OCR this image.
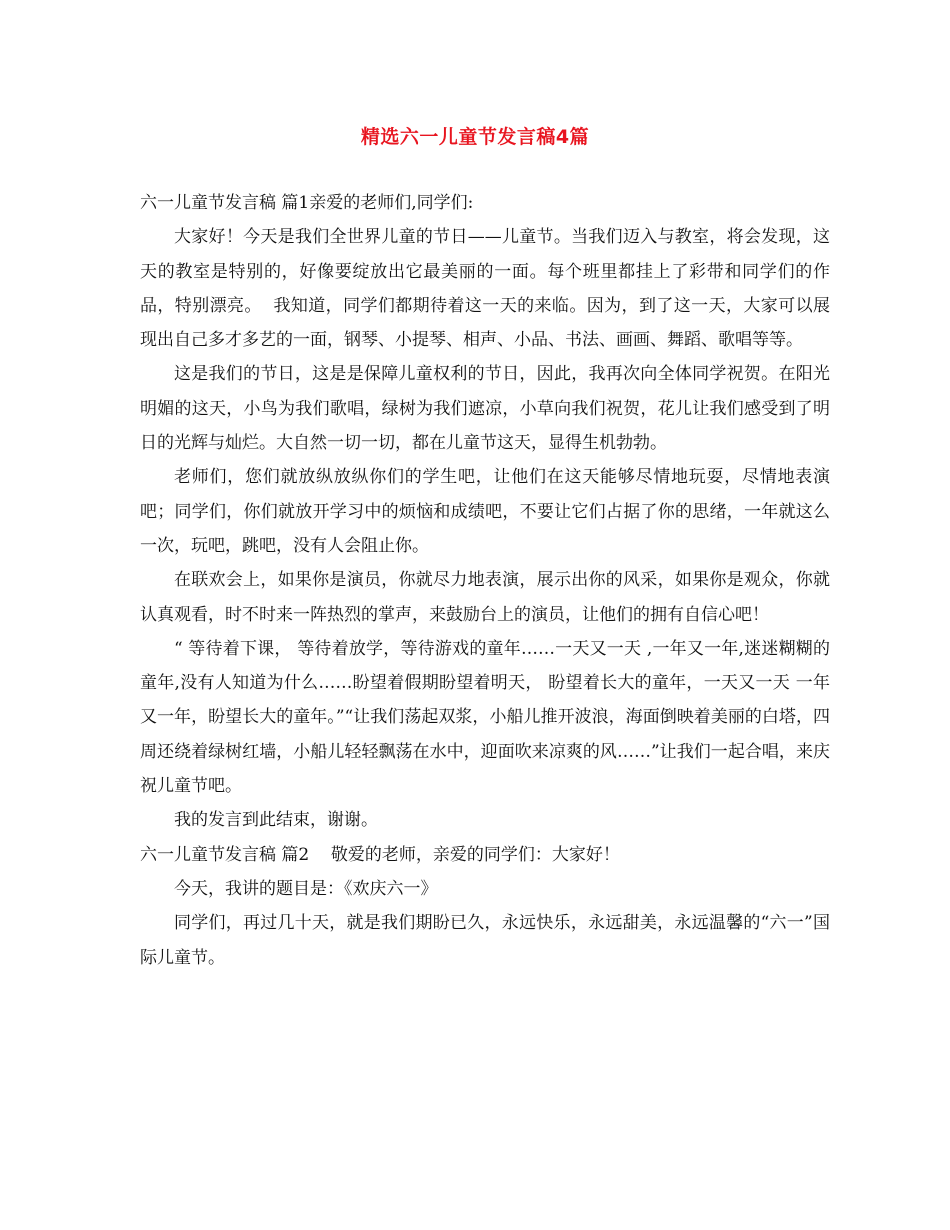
精选六一儿童节发言稿4篇

六一儿童节发言稿 篇1亲爱的老师们,同学们:

大家好！今天是我们全世界儿童的节日——儿童节。当我们迈入与教室，将会发现，这天的教室是特别的，好像要绽放出它最美丽的一面。每个班里都挂上了彩带和同学们的作品，特别漂亮。  我知道，同学们都期待着这一天的来临。因为，到了这一天，大家可以展现出自己多才多艺的一面，钢琴、小提琴、相声、小品、书法、画画、舞蹈、歌唱等等。

这是我们的节日，这是是保障儿童权利的节日，因此，我再次向全体同学祝贺。在阳光明媚的这天，小鸟为我们歌唱，绿树为我们遮凉，小草向我们祝贺，花儿让我们感受到了明日的光辉与灿烂。大自然一切一切，都在儿童节这天，显得生机勃勃。

老师们，您们就放纵放纵你们的学生吧，让他们在这天能够尽情地玩耍，尽情地表演吧；同学们，你们就放开学习中的烦恼和成绩吧，不要让它们占据了你的思绪，一年就这么一次，玩吧，跳吧，没有人会阻止你。

在联欢会上，如果你是演员，你就尽力地表演，展示出你的风采，如果你是观众，你就认真观看，时不时来一阵热烈的掌声，来鼓励台上的演员，让他们的拥有自信心吧！

“ 等待着下课， 等待着放学，等待游戏的童年……一天又一天 ,一年又一年,迷迷糊糊的童年,没有人知道为什么……盼望着假期盼望着明天， 盼望着长大的童年，一天又一天 一年又一年，盼望长大的童年。”“让我们荡起双浆，小船儿推开波浪，海面倒映着美丽的白塔，四周还绕着绿树红墙，小船儿轻轻飘荡在水中，迎面吹来凉爽的风……”让我们一起合唱，来庆祝儿童节吧。

我的发言到此结束，谢谢。

六一儿童节发言稿 篇2    敬爱的老师，亲爱的同学们：大家好！

今天，我讲的题目是：《欢庆六一》

同学们，再过几十天，就是我们期盼已久，永远快乐，永远甜美，永远温馨的“六一”国际儿童节。
